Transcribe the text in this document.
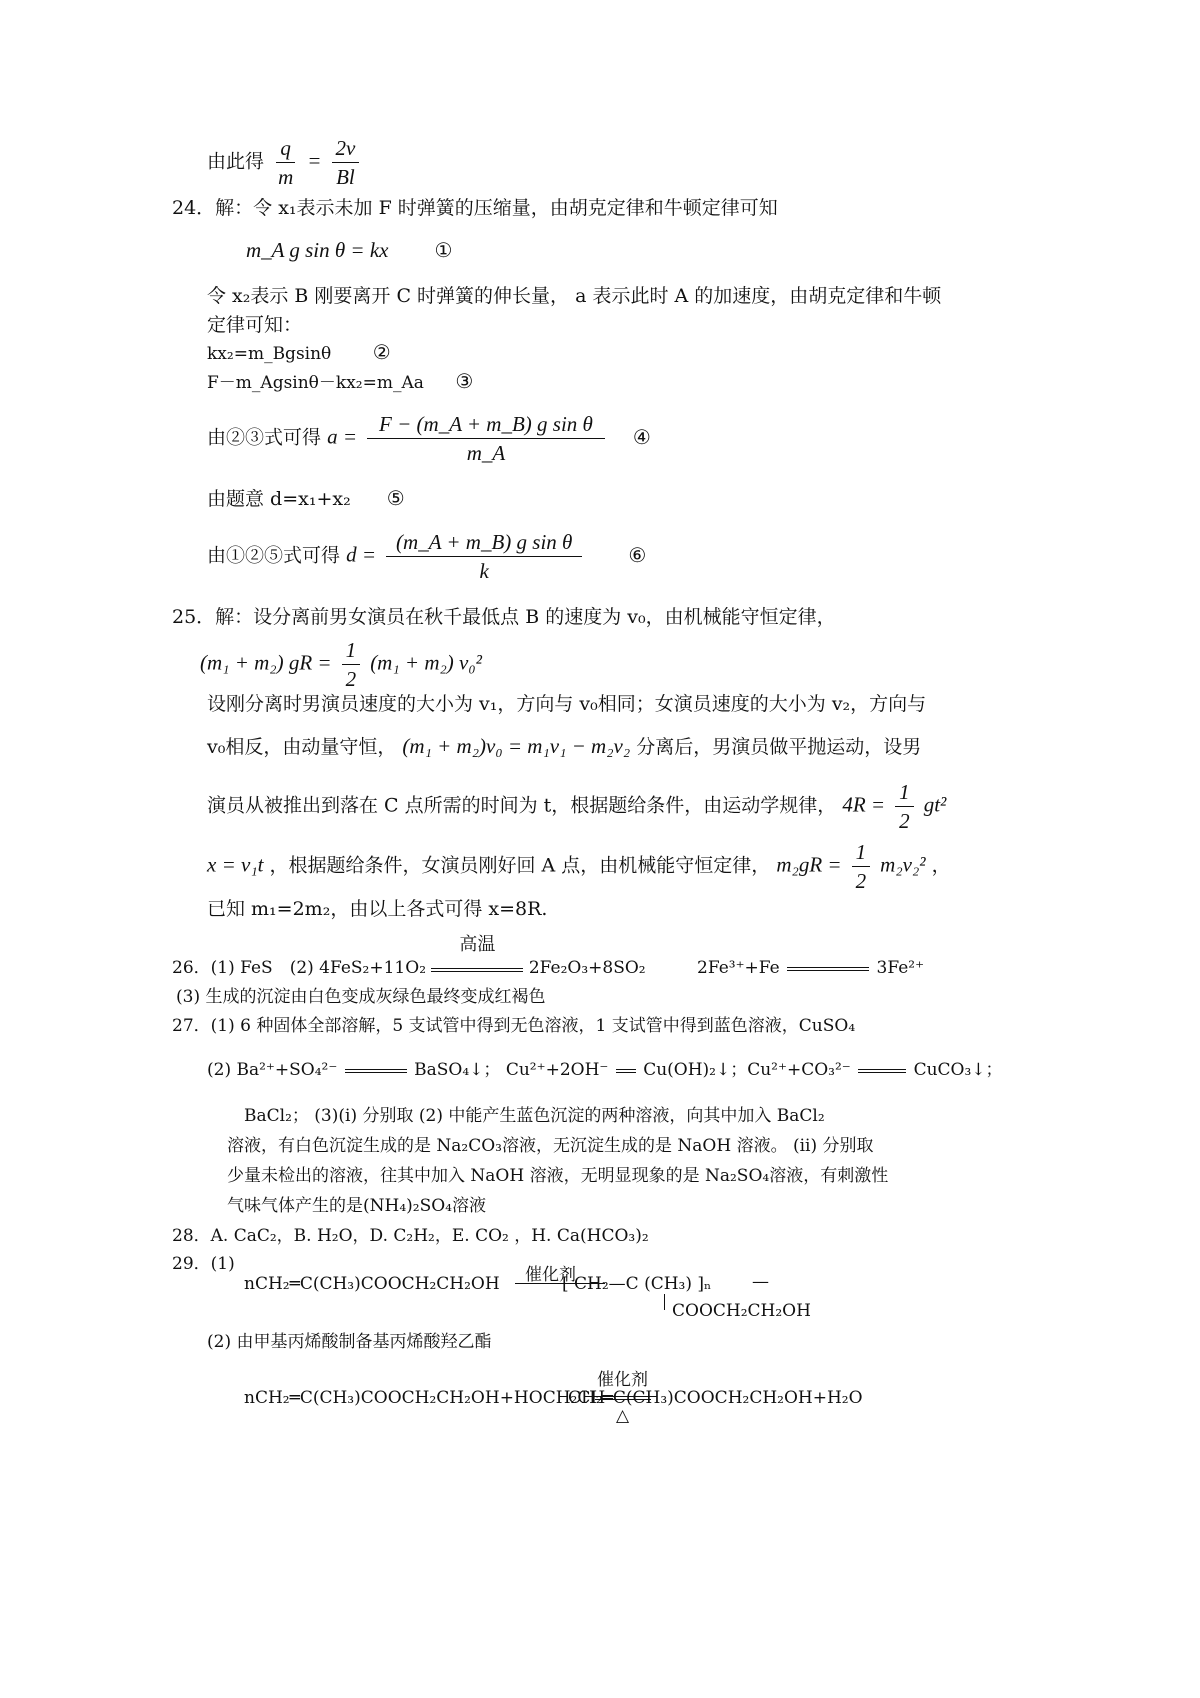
由此得 $\frac{q}{m} = \frac{2v}{Bl}$
24．解：令 x₁表示未加 F 时弹簧的压缩量，由胡克定律和牛顿定律可知
m_A g sin θ = kx ①
令 x₂表示 B 刚要离开 C 时弹簧的伸长量， a 表示此时 A 的加速度，由胡克定律和牛顿
定律可知：
kx₂=m_Bgsinθ ②
F－m_Agsinθ－kx₂=m_Aa ③
由②③式可得 $a = \frac{\text{F − (m\_A + m\_B) g sin θ}}{m\_A}$ ④
由题意 d=x₁+x₂ ⑤
由①②⑤式可得 $d = \frac{\text{(m\_A + m\_B) g sin θ}}{k}$ ⑥
25．解：设分离前男女演员在秋千最低点 B 的速度为 v₀，由机械能守恒定律，
(m₁ + m₂) gR = $\frac{1}{2} (m_1 + m_2)$ v₀²
设刚分离时男演员速度的大小为 v₁，方向与 v₀相同；女演员速度的大小为 v₂，方向与
v₀相反，由动量守恒， (m₁ + m₂)v₀ = m₁v₁ − m₂v₂ 分离后，男演员做平抛运动，设男
演员从被推出到落在 C 点所需的时间为 t，根据题给条件，由运动学规律， $4R = \frac{1}{2} gt^2$
x = v₁t ，根据题给条件，女演员刚好回 A 点，由机械能守恒定律， $m_2gR = \frac{1}{2} m_2v_2^2$ ，
已知 m₁=2m₂，由以上各式可得 x=8R.
26．(1) FeS　(2) 4FeS₂+11O₂
高温
2Fe₂O₃+8SO₂	2Fe³⁺+Fe	3Fe²⁺
(3) 生成的沉淀由白色变成灰绿色最终变成红褐色
27．(1) 6 种固体全部溶解，5 支试管中得到无色溶液，1 支试管中得到蓝色溶液，CuSO₄
(2) Ba²⁺+SO₄²⁻	BaSO₄↓； Cu²⁺+2OH⁻ Cu(OH)₂↓；Cu²⁺+CO₃²⁻	CuCO₃↓；
BaCl₂； (3)(i) 分别取 (2) 中能产生蓝色沉淀的两种溶液，向其中加入 BaCl₂
溶液，有白色沉淀生成的是 Na₂CO₃溶液，无沉淀生成的是 NaOH 溶液。 (ii) 分别取
少量未检出的溶液，往其中加入 NaOH 溶液，无明显现象的是 Na₂SO₄溶液，有刺激性
气味气体产生的是(NH₄)₂SO₄溶液
28．A. CaC₂，B. H₂O，D. C₂H₂，E. CO₂ ，H. Ca(HCO₃)₂
29．(1)
nCH₂═C(CH₃)COOCH₂CH₂OH 催化剂
[ CH₂—C (CH₃) ]ₙ —
COOCH₂CH₂OH
(2) 由甲基丙烯酸制备基丙烯酸羟乙酯
nCH₂═C(CH₃)COOCH₂CH₂OH+HOCH₂CH
催化剂
CH₂═C(CH₃)COOCH₂CH₂OH+H₂O
△
